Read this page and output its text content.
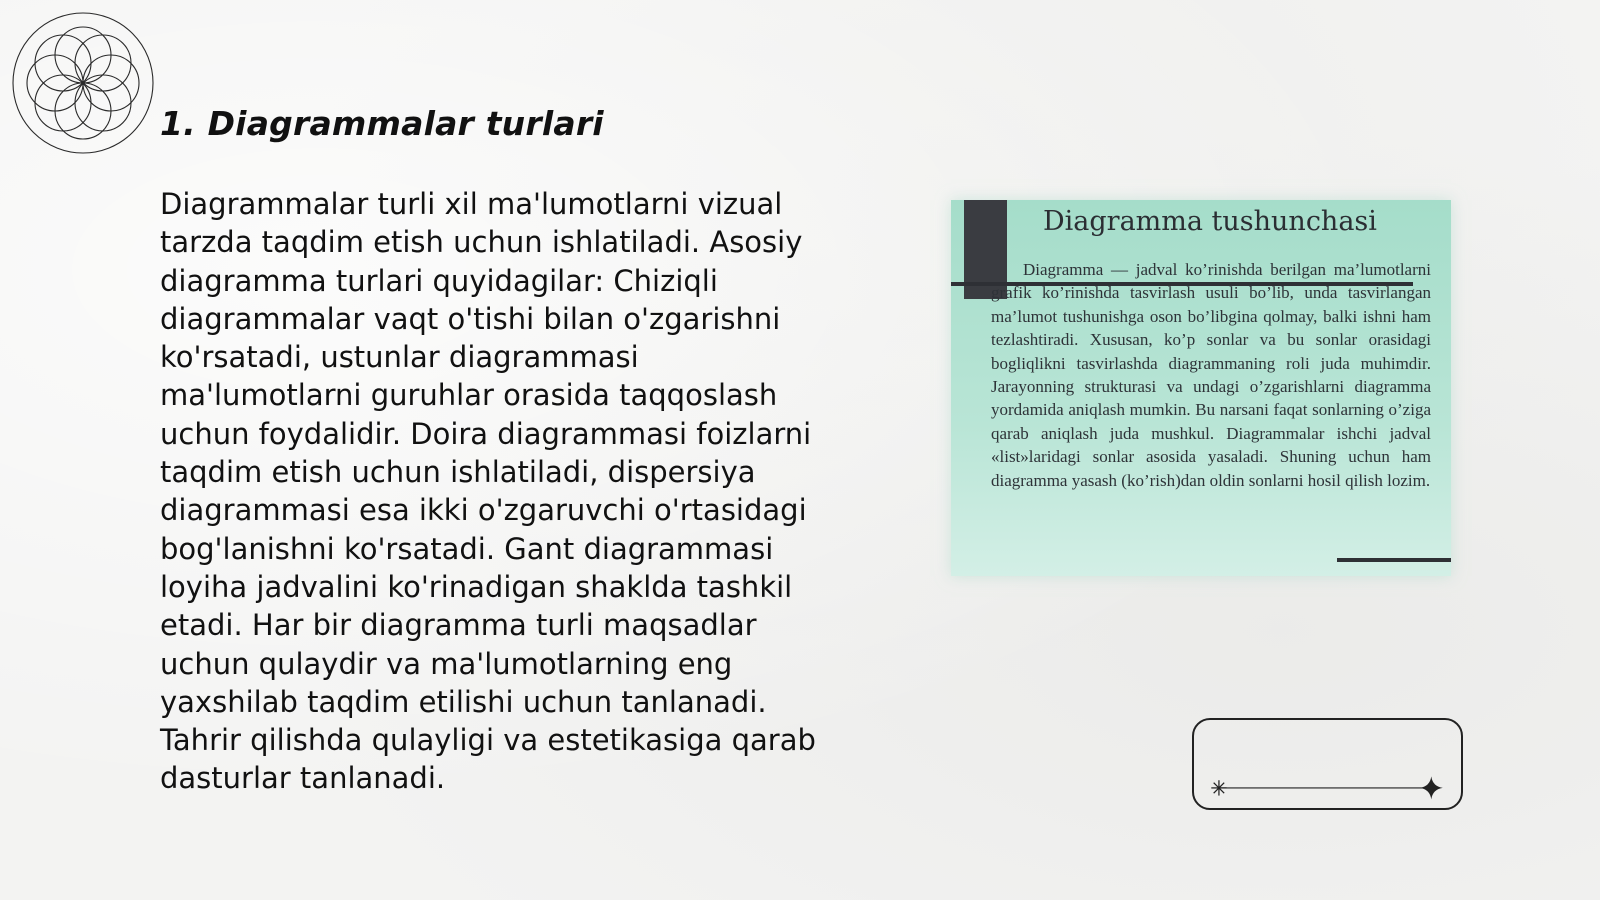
1. Diagrammalar turlari

Diagrammalar turli xil ma'lumotlarni vizual tarzda taqdim etish uchun ishlatiladi. Asosiy diagramma turlari quyidagilar: Chiziqli diagrammalar vaqt o'tishi bilan o'zgarishni ko'rsatadi, ustunlar diagrammasi ma'lumotlarni guruhlar orasida taqqoslash uchun foydalidir. Doira diagrammasi foizlarni taqdim etish uchun ishlatiladi, dispersiya diagrammasi esa ikki o'zgaruvchi o'rtasidagi bog'lanishni ko'rsatadi. Gant diagrammasi loyiha jadvalini ko'rinadigan shaklda tashkil etadi. Har bir diagramma turli maqsadlar uchun qulaydir va ma'lumotlarning eng yaxshilab taqdim etilishi uchun tanlanadi. Tahrir qilishda qulayligi va estetikasiga qarab dasturlar tanlanadi.

Diagramma tushunchasi

Diagramma — jadval ko’rinishda berilgan ma’lumotlarni grafik ko’rinishda tasvirlash usuli bo’lib, unda tasvirlangan ma’lumot tushunishga oson bo’libgina qolmay, balki ishni ham tezlashtiradi. Xususan, ko’p sonlar va bu sonlar orasidagi bogliqlikni tasvirlashda diagrammaning roli juda muhimdir. Jarayonning strukturasi va undagi o’zgarishlarni diagramma yordamida aniqlash mumkin. Bu narsani faqat sonlarning o’ziga qarab aniqlash juda mushkul. Diagrammalar ishchi jadval «list»laridagi sonlar asosida yasaladi. Shuning uchun ham diagramma yasash (ko’rish)dan oldin sonlarni hosil qilish lozim.
